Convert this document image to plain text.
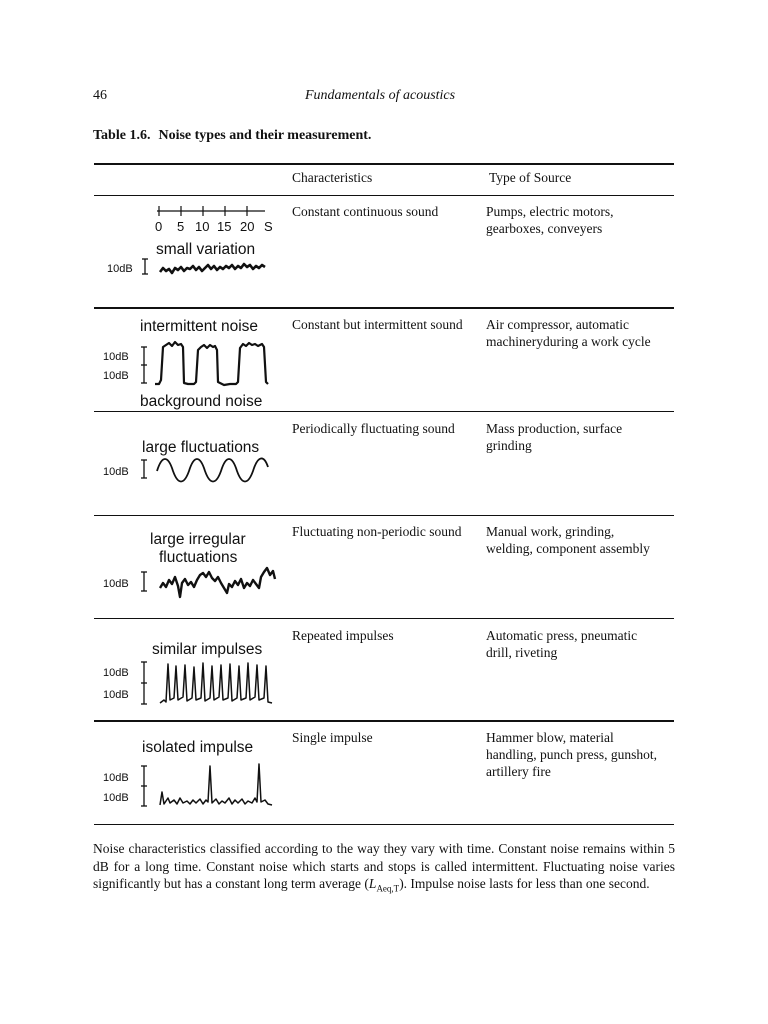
46	Fundamentals of acoustics
Table 1.6. Noise types and their measurement.
Characteristics	Type of Source
Constant continuous sound	Pumps, electric motors, gearboxes, conveyers
0 5 10 15 20 S
small variation
10dB
Constant but intermittent sound	Air compressor, automatic machineryduring a work cycle
intermittent noise
10dB
10dB
background noise
Periodically fluctuating sound	Mass production, surface grinding
large fluctuations
10dB
Fluctuating non-periodic sound	Manual work, grinding, welding, component assembly
large irregular
fluctuations
10dB
Repeated impulses	Automatic press, pneumatic drill, riveting
similar impulses
10dB
10dB
Single impulse	Hammer blow, material handling, punch press, gunshot, artillery fire
isolated impulse
10dB
10dB
Noise characteristics classified according to the way they vary with time. Constant noise remains within 5 dB for a long time. Constant noise which starts and stops is called intermittent. Fluctuating noise varies significantly but has a constant long term average $(L_{Aeq,T})$. Impulse noise lasts for less than one second.
